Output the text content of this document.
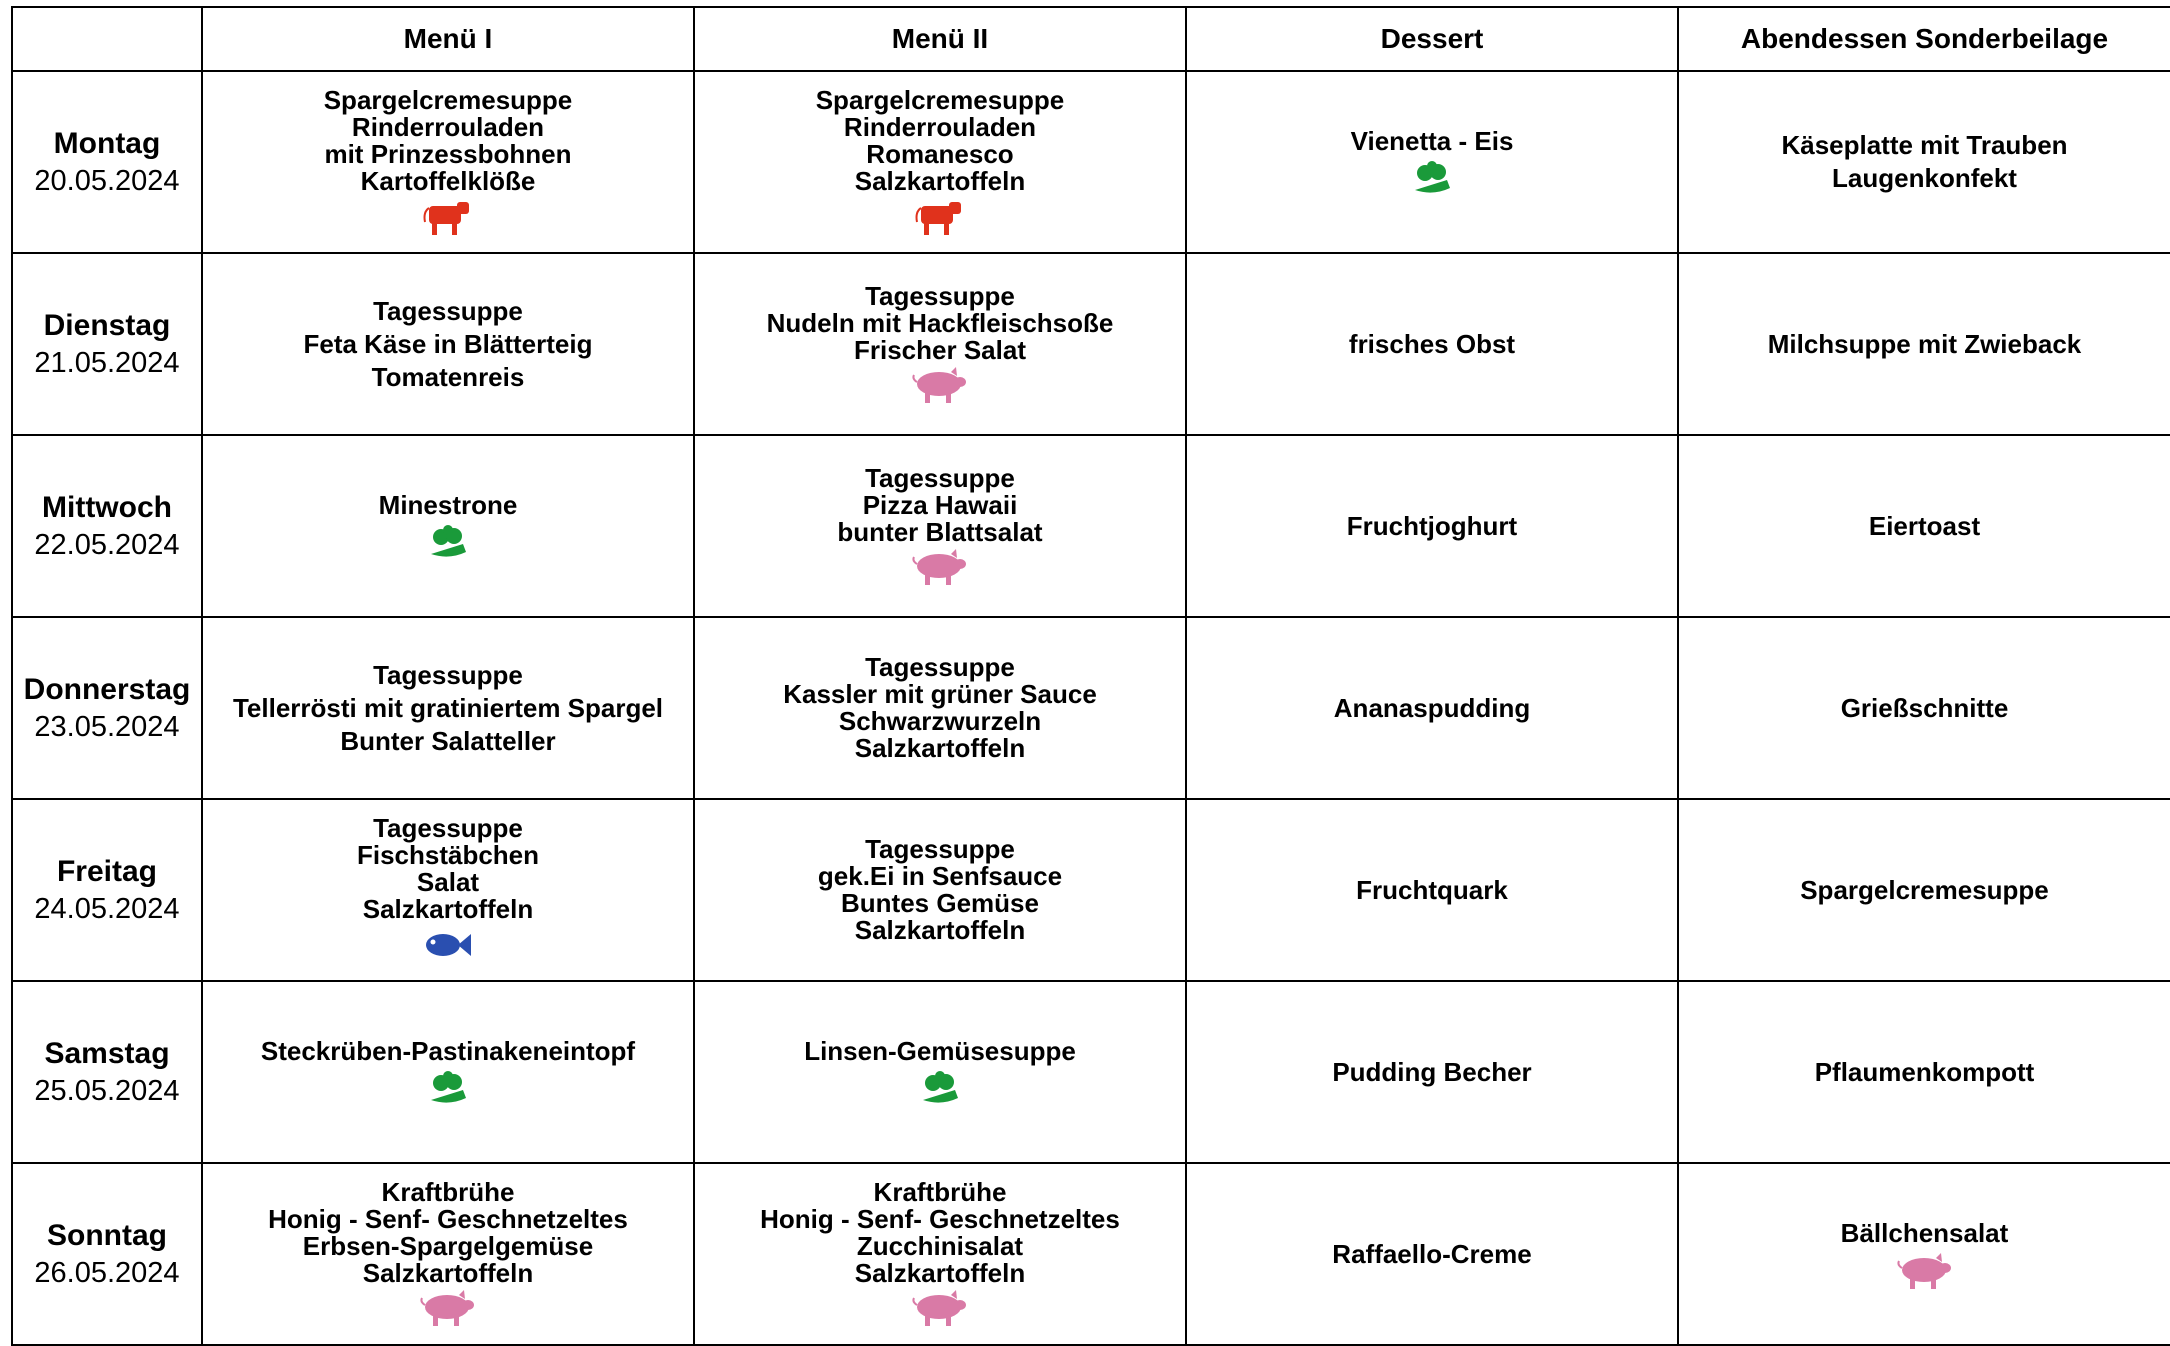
	Menü I	Menü II	Dessert	Abendessen Sonderbeilage

Montag
20.05.2024	Spargelcremesuppe
Rinderrouladen
mit Prinzessbohnen
Kartoffelklöße	Spargelcremesuppe
Rinderrouladen
Romanesco
Salzkartoffeln	Vienetta - Eis	Käseplatte mit Trauben
Laugenkonfekt

Dienstag
21.05.2024	Tagessuppe
Feta Käse in Blätterteig
Tomatenreis	Tagessuppe
Nudeln mit Hackfleischsoße
Frischer Salat	frisches Obst	Milchsuppe mit Zwieback

Mittwoch
22.05.2024	Minestrone	Tagessuppe
Pizza Hawaii
bunter Blattsalat	Fruchtjoghurt	Eiertoast

Donnerstag
23.05.2024	Tagessuppe
Tellerrösti mit gratiniertem Spargel
Bunter Salatteller	Tagessuppe
Kassler mit grüner Sauce
Schwarzwurzeln
Salzkartoffeln	Ananaspudding	Grießschnitte

Freitag
24.05.2024	Tagessuppe
Fischstäbchen
Salat
Salzkartoffeln	Tagessuppe
gek.Ei in Senfsauce
Buntes Gemüse
Salzkartoffeln	Fruchtquark	Spargelcremesuppe

Samstag
25.05.2024	Steckrüben-Pastinakeneintopf	Linsen-Gemüsesuppe	Pudding Becher	Pflaumenkompott

Sonntag
26.05.2024	Kraftbrühe
Honig - Senf- Geschnetzeltes
Erbsen-Spargelgemüse
Salzkartoffeln	Kraftbrühe
Honig - Senf- Geschnetzeltes
Zucchinisalat
Salzkartoffeln	Raffaello-Creme	Bällchensalat
